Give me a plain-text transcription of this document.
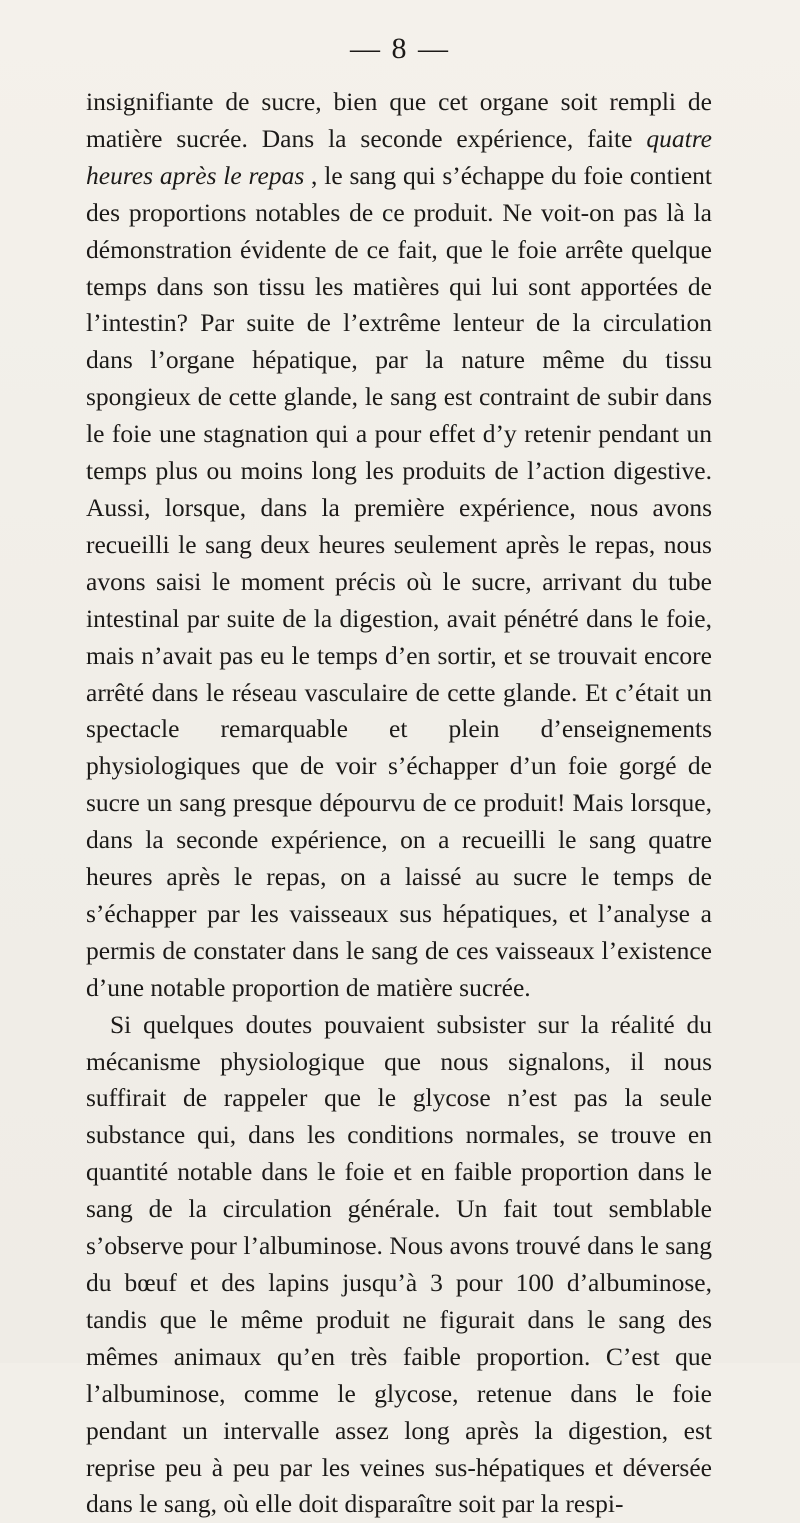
— 8 —

insignifiante de sucre, bien que cet organe soit rempli de matière sucrée. Dans la seconde expérience, faite quatre heures après le repas , le sang qui s’échappe du foie contient des proportions notables de ce produit. Ne voit-on pas là la démonstration évidente de ce fait, que le foie arrête quelque temps dans son tissu les matières qui lui sont apportées de l’intestin? Par suite de l’extrême lenteur de la circulation dans l’organe hépatique, par la nature même du tissu spongieux de cette glande, le sang est contraint de subir dans le foie une stagnation qui a pour effet d’y retenir pendant un temps plus ou moins long les produits de l’action digestive. Aussi, lorsque, dans la première expérience, nous avons recueilli le sang deux heures seulement après le repas, nous avons saisi le moment précis où le sucre, arrivant du tube intestinal par suite de la digestion, avait pénétré dans le foie, mais n’avait pas eu le temps d’en sortir, et se trouvait encore arrêté dans le réseau vasculaire de cette glande. Et c’était un spectacle remarquable et plein d’enseignements physiologiques que de voir s’échapper d’un foie gorgé de sucre un sang presque dépourvu de ce produit! Mais lorsque, dans la seconde expérience, on a recueilli le sang quatre heures après le repas, on a laissé au sucre le temps de s’échapper par les vaisseaux sus hépatiques, et l’analyse a permis de constater dans le sang de ces vaisseaux l’existence d’une notable proportion de matière sucrée.

Si quelques doutes pouvaient subsister sur la réalité du mécanisme physiologique que nous signalons, il nous suffirait de rappeler que le glycose n’est pas la seule substance qui, dans les conditions normales, se trouve en quantité notable dans le foie et en faible proportion dans le sang de la circulation générale. Un fait tout semblable s’observe pour l’albuminose. Nous avons trouvé dans le sang du bœuf et des lapins jusqu’à 3 pour 100 d’albuminose, tandis que le même produit ne figurait dans le sang des mêmes animaux qu’en très faible proportion. C’est que l’albuminose, comme le glycose, retenue dans le foie pendant un intervalle assez long après la digestion, est reprise peu à peu par les veines sus-hépatiques et déversée dans le sang, où elle doit disparaître soit par la respi-
